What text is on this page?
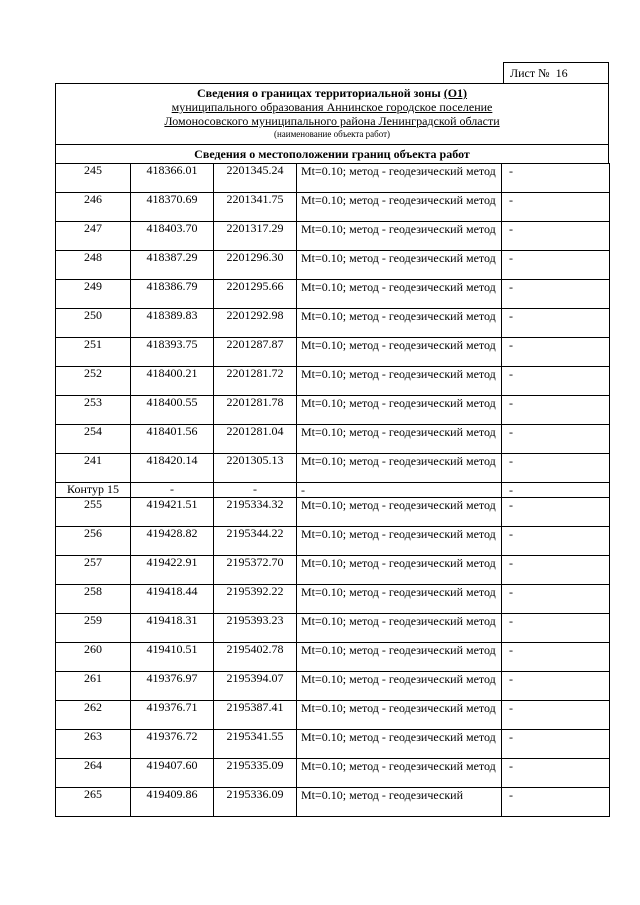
Лист № 16
Сведения о границах территориальной зоны (О1)
муниципального образования Аннинское городское поселение
Ломоносовского муниципального района Ленинградской области
(наименование объекта работ)
Сведения о местоположении границ объекта работ
245	418366.01	2201345.24	Mt=0.10; метод - геодезический метод	-
246	418370.69	2201341.75	Mt=0.10; метод - геодезический метод	-
247	418403.70	2201317.29	Mt=0.10; метод - геодезический метод	-
248	418387.29	2201296.30	Mt=0.10; метод - геодезический метод	-
249	418386.79	2201295.66	Mt=0.10; метод - геодезический метод	-
250	418389.83	2201292.98	Mt=0.10; метод - геодезический метод	-
251	418393.75	2201287.87	Mt=0.10; метод - геодезический метод	-
252	418400.21	2201281.72	Mt=0.10; метод - геодезический метод	-
253	418400.55	2201281.78	Mt=0.10; метод - геодезический метод	-
254	418401.56	2201281.04	Mt=0.10; метод - геодезический метод	-
241	418420.14	2201305.13	Mt=0.10; метод - геодезический метод	-
Контур 15	-	-	-	-
255	419421.51	2195334.32	Mt=0.10; метод - геодезический метод	-
256	419428.82	2195344.22	Mt=0.10; метод - геодезический метод	-
257	419422.91	2195372.70	Mt=0.10; метод - геодезический метод	-
258	419418.44	2195392.22	Mt=0.10; метод - геодезический метод	-
259	419418.31	2195393.23	Mt=0.10; метод - геодезический метод	-
260	419410.51	2195402.78	Mt=0.10; метод - геодезический метод	-
261	419376.97	2195394.07	Mt=0.10; метод - геодезический метод	-
262	419376.71	2195387.41	Mt=0.10; метод - геодезический метод	-
263	419376.72	2195341.55	Mt=0.10; метод - геодезический метод	-
264	419407.60	2195335.09	Mt=0.10; метод - геодезический метод	-
265	419409.86	2195336.09	Mt=0.10; метод - геодезический	-
